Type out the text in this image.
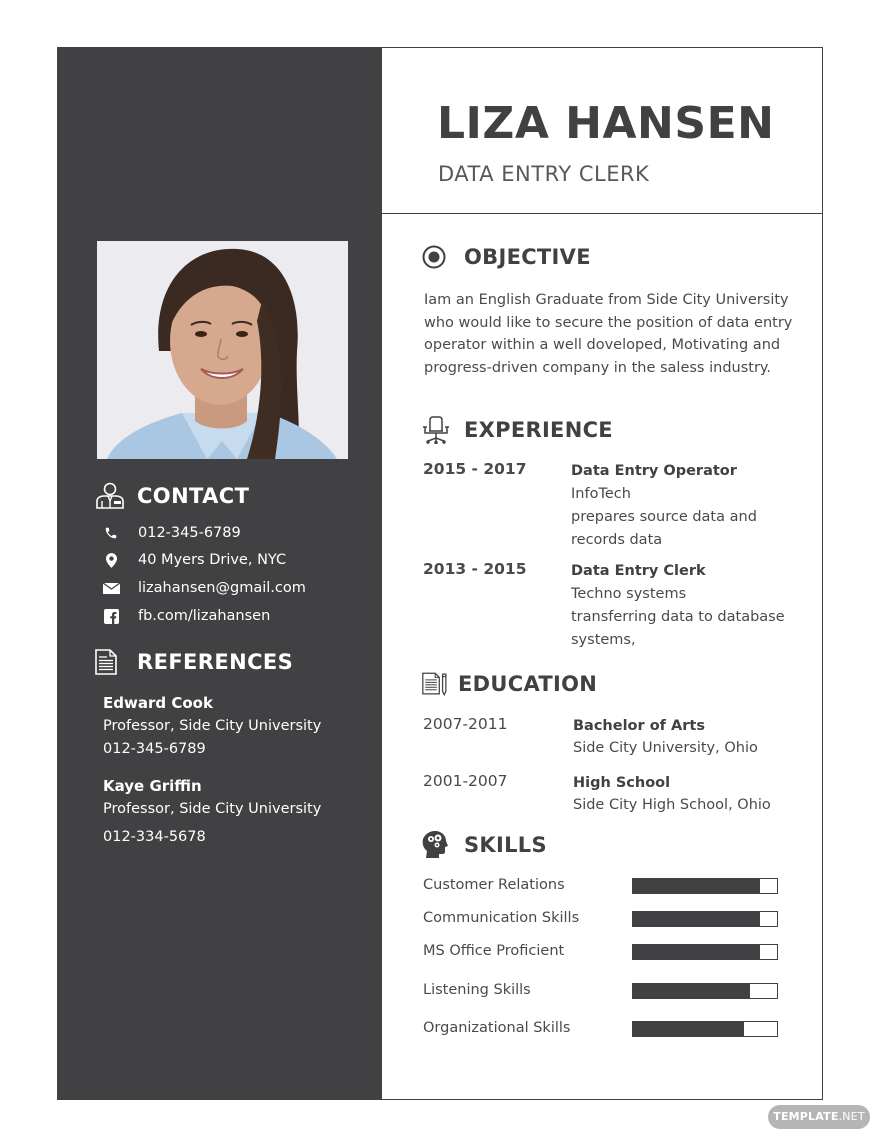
CONTACT
012-345-6789
40 Myers Drive, NYC
lizahansen@gmail.com
fb.com/lizahansen
REFERENCES
Edward Cook
Professor, Side City University
012-345-6789
Kaye Griffin
Professor, Side City University
012-334-5678
LIZA HANSEN
DATA ENTRY CLERK
OBJECTIVE
Iam an English Graduate from Side City University who would like to secure the position of data entry operator within a well doveloped, Motivating and progress-driven company in the saless industry.
EXPERIENCE
2015 - 2017	Data Entry Operator
InfoTech
prepares source data and
records data
2013 - 2015	Data Entry Clerk
Techno systems
transferring data to database
systems,
EDUCATION
2007-2011	Bachelor of Arts
Side City University, Ohio
2001-2007	High School
Side City High School, Ohio
SKILLS
Customer Relations
Communication Skills
MS Office Proficient
Listening Skills
Organizational Skills
TEMPLATE.NET
